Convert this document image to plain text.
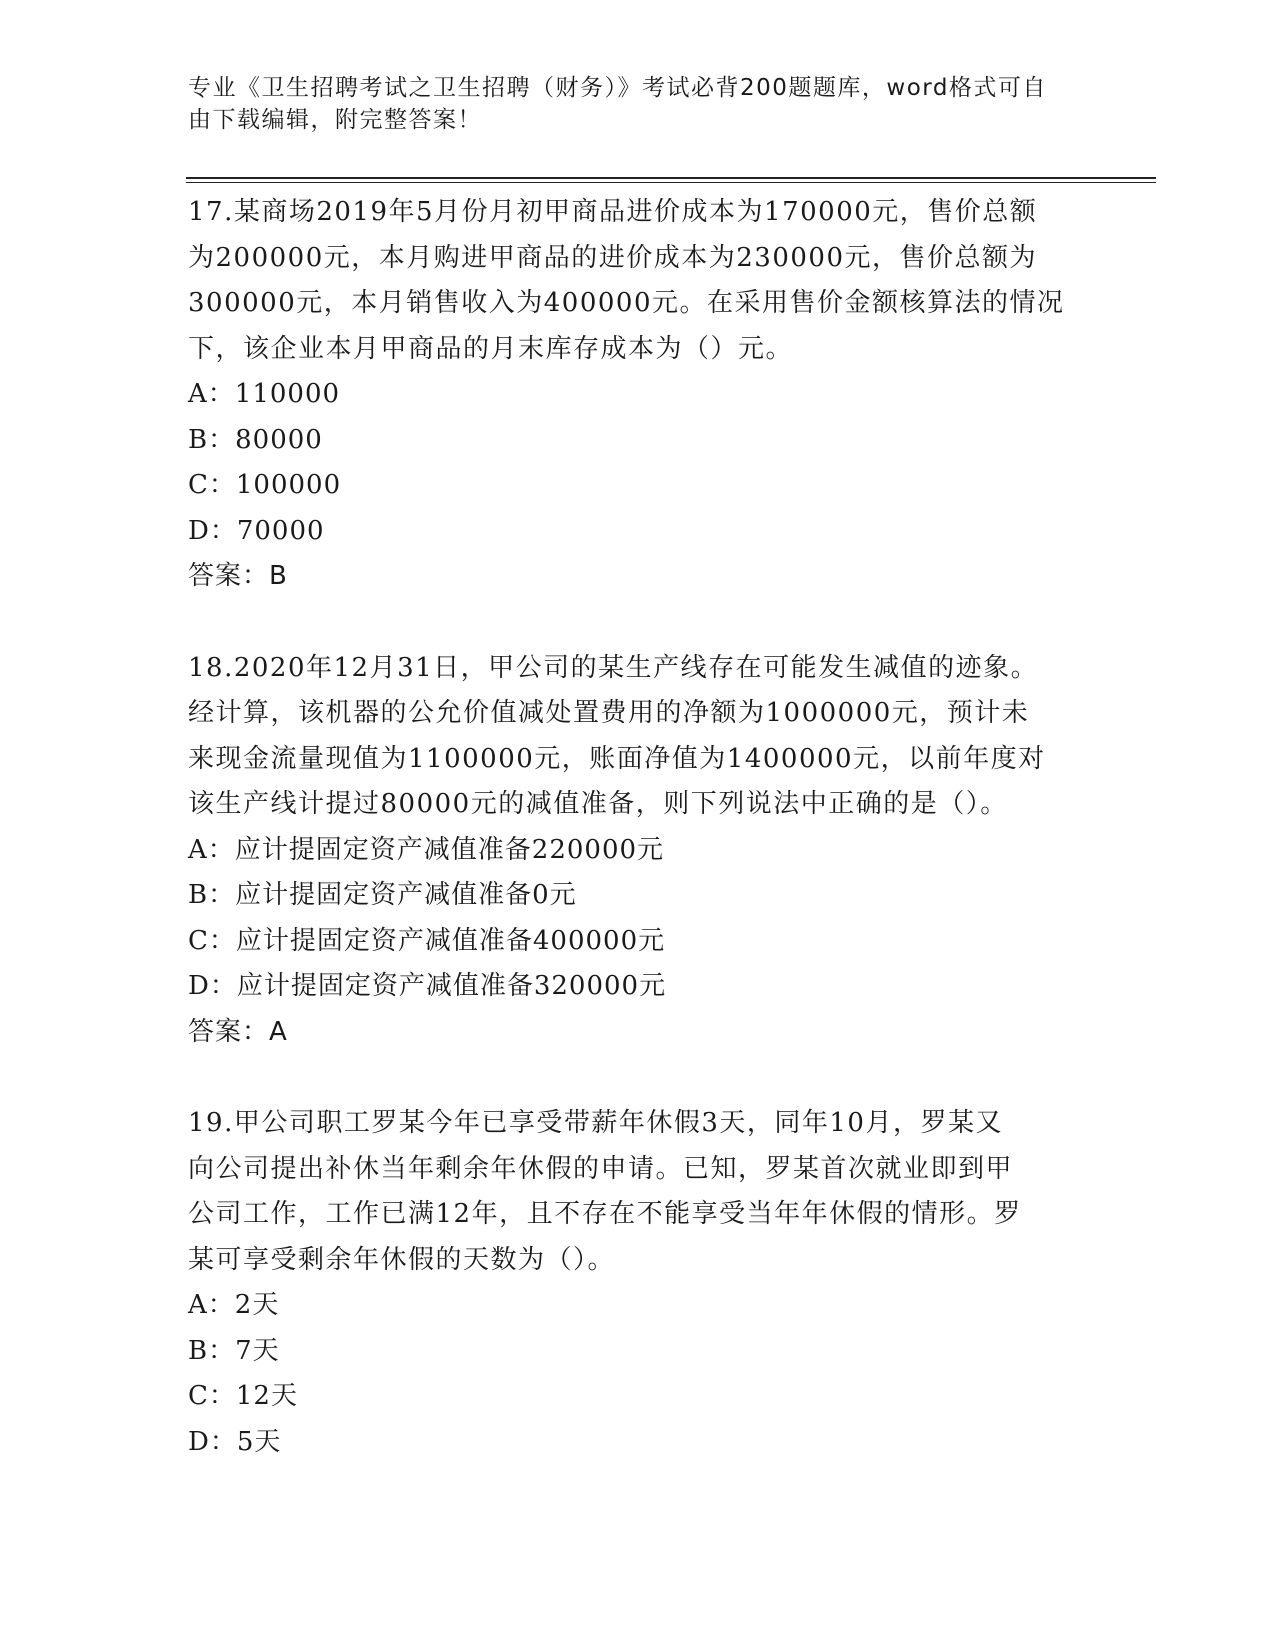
专业《卫生招聘考试之卫生招聘（财务）》考试必背200题题库，word格式可自
由下载编辑，附完整答案！

17.某商场2019年5月份月初甲商品进价成本为170000元，售价总额

为200000元，本月购进甲商品的进价成本为230000元，售价总额为

300000元，本月销售收入为400000元。在采用售价金额核算法的情况

下，该企业本月甲商品的月末库存成本为（）元。

A：110000

B：80000

C：100000

D：70000

答案：B

18.2020年12月31日，甲公司的某生产线存在可能发生减值的迹象。

经计算，该机器的公允价值减处置费用的净额为1000000元，预计未

来现金流量现值为1100000元，账面净值为1400000元，以前年度对

该生产线计提过80000元的减值准备，则下列说法中正确的是（）。

A：应计提固定资产减值准备220000元

B：应计提固定资产减值准备0元

C：应计提固定资产减值准备400000元

D：应计提固定资产减值准备320000元

答案：A

19.甲公司职工罗某今年已享受带薪年休假3天，同年10月，罗某又

向公司提出补休当年剩余年休假的申请。已知，罗某首次就业即到甲

公司工作，工作已满12年，且不存在不能享受当年年休假的情形。罗

某可享受剩余年休假的天数为（）。

A：2天

B：7天

C：12天

D：5天
